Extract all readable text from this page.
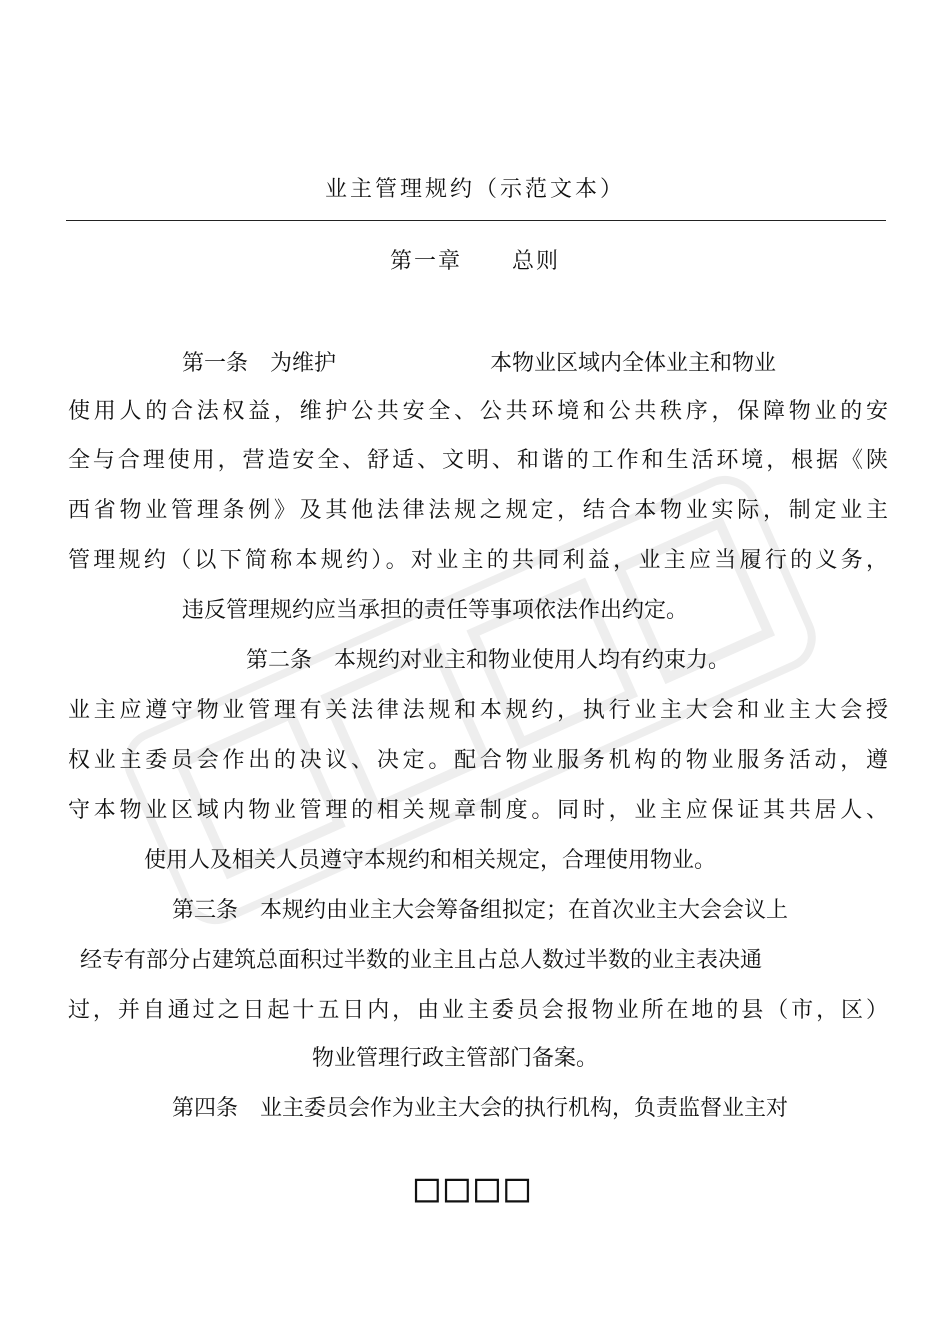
业主管理规约（示范文本）
第一章 总则
第一条　为维护　　　　　　　本物业区域内全体业主和物业
使用人的合法权益，维护公共安全、公共环境和公共秩序，保障物业的安
全与合理使用，营造安全、舒适、文明、和谐的工作和生活环境，根据《陕
西省物业管理条例》及其他法律法规之规定，结合本物业实际，制定业主
管理规约（以下简称本规约）。对业主的共同利益，业主应当履行的义务，
违反管理规约应当承担的责任等事项依法作出约定。
第二条　本规约对业主和物业使用人均有约束力。
业主应遵守物业管理有关法律法规和本规约，执行业主大会和业主大会授
权业主委员会作出的决议、决定。配合物业服务机构的物业服务活动，遵
守本物业区域内物业管理的相关规章制度。同时，业主应保证其共居人、
使用人及相关人员遵守本规约和相关规定，合理使用物业。
第三条　本规约由业主大会筹备组拟定；在首次业主大会会议上
经专有部分占建筑总面积过半数的业主且占总人数过半数的业主表决通
过，并自通过之日起十五日内，由业主委员会报物业所在地的县（市，区）
物业管理行政主管部门备案。
第四条　业主委员会作为业主大会的执行机构，负责监督业主对
□□□□
